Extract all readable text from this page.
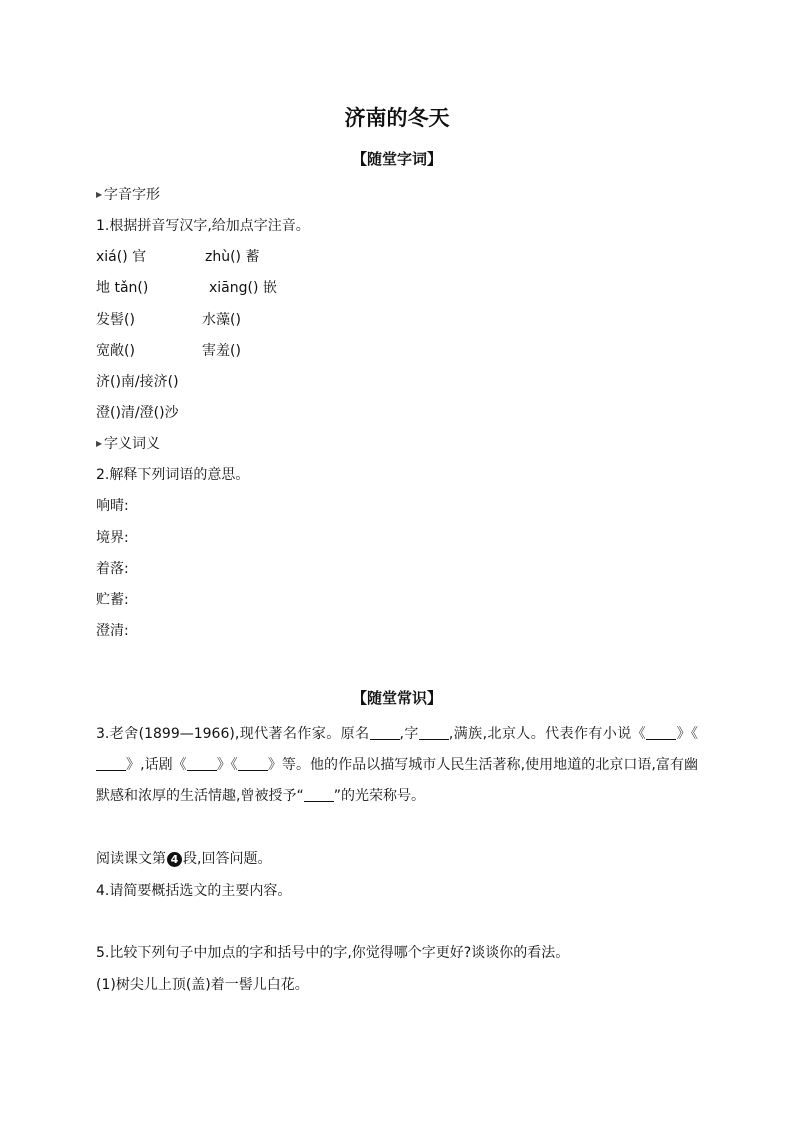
济南的冬天
【随堂字词】
▶ 字音字形
1.根据拼音写汉字,给加点字注音。
xiá() 官	zhù() 蓄
地 tǎn()	xiāng() 嵌
发髻()	水藻()
宽敞()	害羞()
济()南/接济()
澄()清/澄()沙
▶ 字义词义
2.解释下列词语的意思。
响晴:
境界:
着落:
贮蓄:
澄清:
【随堂常识】
3.老舍(1899—1966),现代著名作家。原名 ,字 ,满族,北京人。代表作有小说《 》《》,话剧《 》《 》等。他的作品以描写城市人民生活著称,使用地道的北京口语,富有幽默感和浓厚的生活情趣,曾被授予“ ”的光荣称号。
阅读课文第 4 段,回答问题。
4.请简要概括选文的主要内容。
5.比较下列句子中加点的字和括号中的字,你觉得哪个字更好?谈谈你的看法。
(1)树尖儿上顶(盖)着一髻儿白花。
